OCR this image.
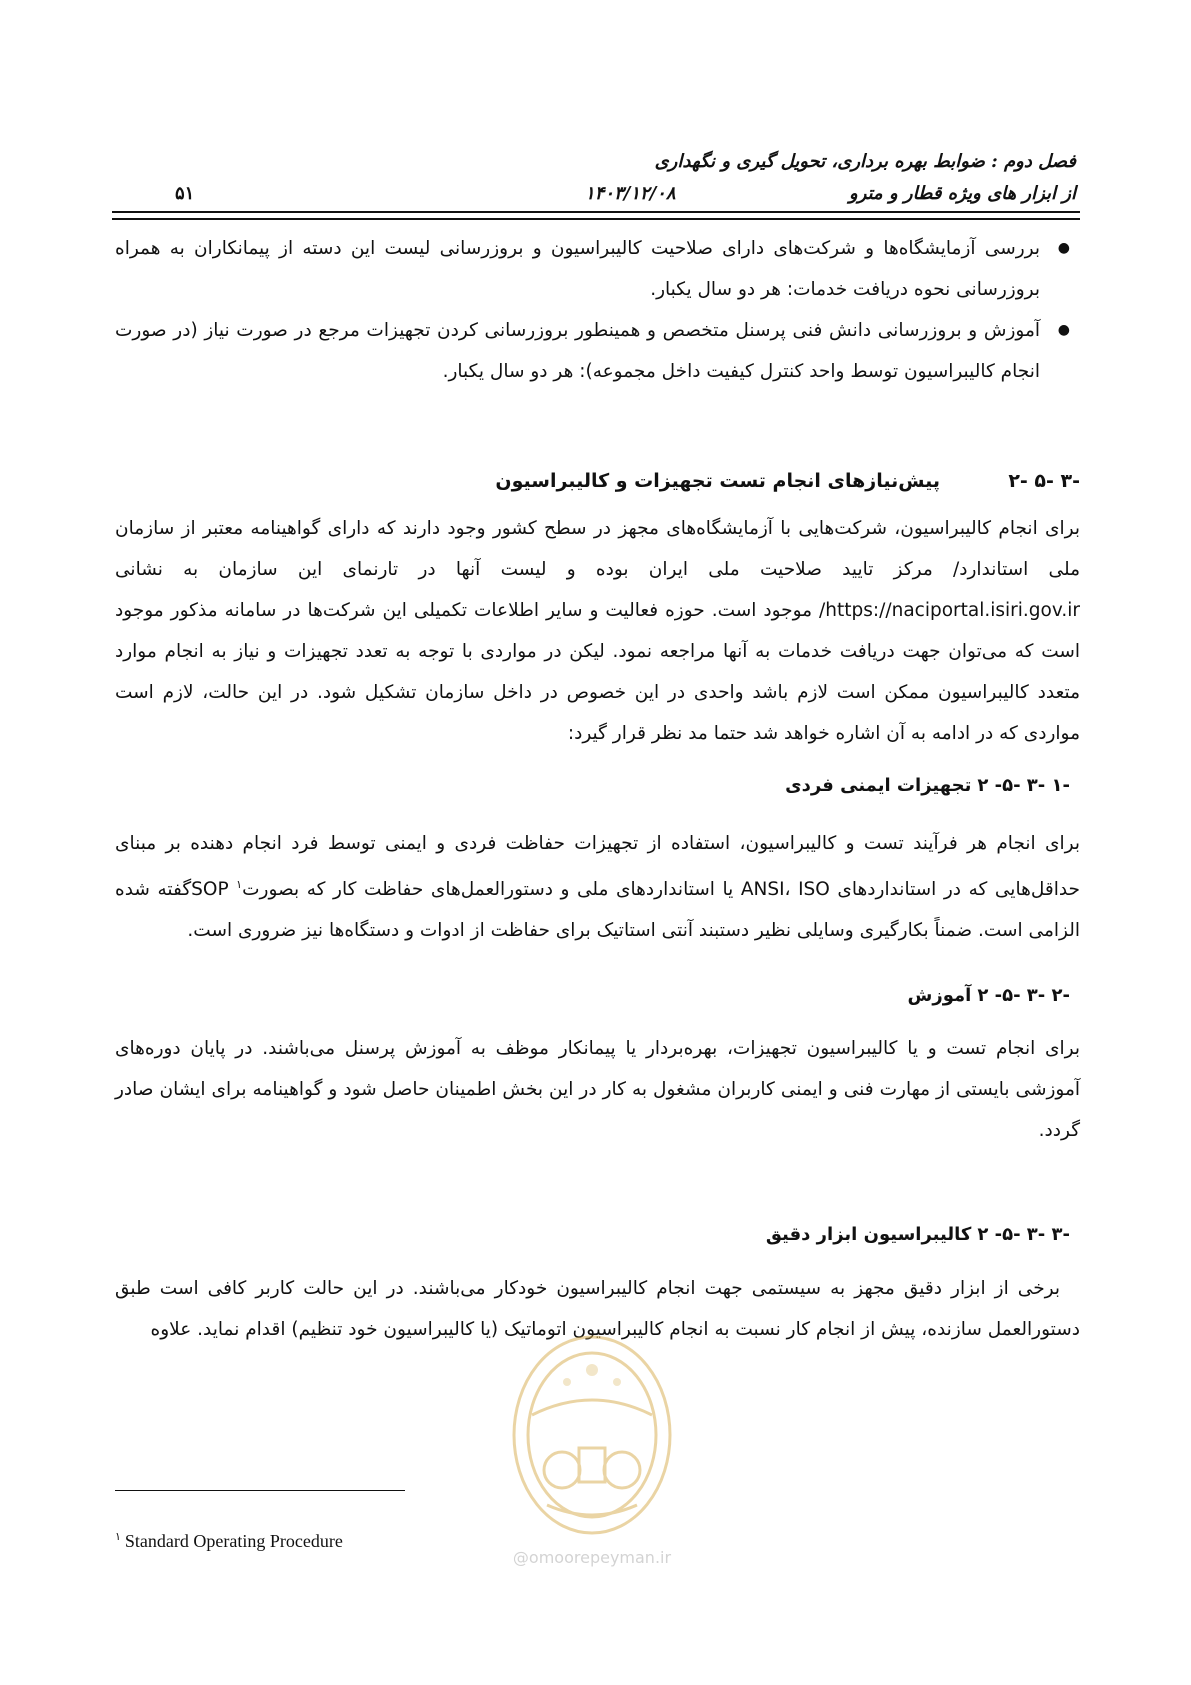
فصل دوم : ضوابط بهره برداری، تحویل گیری و نگهداری
از ابزار های ویژه قطار و مترو
۱۴۰۳/۱۲/۰۸
۵۱
●
بررسی آزمایشگاه‌ها و شرکت‌های دارای صلاحیت کالیبراسیون و بروزرسانی لیست این دسته از پیمانکاران به همراه بروزرسانی نحوه دریافت خدمات: هر دو سال یکبار.
●
آموزش و بروزرسانی دانش فنی پرسنل متخصص و همینطور بروزرسانی کردن تجهیزات مرجع در صورت نیاز (در صورت انجام کالیبراسیون توسط واحد کنترل کیفیت داخل مجموعه): هر دو سال یکبار.
۲- ۵- ۳-
پیش‌نیازهای انجام تست تجهیزات و کالیبراسیون
برای انجام کالیبراسیون، شرکت‌هایی با آزمایشگاه‌های مجهز در سطح کشور وجود دارند که دارای گواهینامه معتبر از سازمان ملی استاندارد/ مرکز تایید صلاحیت ملی ایران بوده و لیست آنها در تارنمای این سازمان به نشانی https://naciportal.isiri.gov.ir/ موجود است. حوزه فعالیت و سایر اطلاعات تکمیلی این شرکت‌ها در سامانه مذکور موجود است که می‌توان جهت دریافت خدمات به آنها مراجعه نمود. لیکن در مواردی با توجه به تعدد تجهیزات و نیاز به انجام موارد متعدد کالیبراسیون ممکن است لازم باشد واحدی در این خصوص در داخل سازمان تشکیل شود. در این حالت، لازم است مواردی که در ادامه به آن اشاره خواهد شد حتما مد نظر قرار گیرد:
۲ -۵- ۳- ۱-تجهیزات ایمنی فردی
برای انجام هر فرآیند تست و کالیبراسیون، استفاده از تجهیزات حفاظت فردی و ایمنی توسط فرد انجام دهنده بر مبنای حداقل‌هایی که در استانداردهای ANSI، ISO یا استانداردهای ملی و دستورالعمل‌های حفاظت کار که بصورت$^۱$ SOPگفته شده الزامی است. ضمناً بکارگیری وسایلی نظیر دستبند آنتی استاتیک برای حفاظت از ادوات و دستگاه‌ها نیز ضروری است.
۲ -۵- ۳- ۲-آموزش
برای انجام تست و یا کالیبراسیون تجهیزات، بهره‌بردار یا پیمانکار موظف به آموزش پرسنل می‌باشند. در پایان دوره‌های آموزشی بایستی از مهارت فنی و ایمنی کاربران مشغول به کار در این بخش اطمینان حاصل شود و گواهینامه برای ایشان صادر گردد.
۲ -۵- ۳- ۳-کالیبراسیون ابزار دقیق
برخی از ابزار دقیق مجهز به سیستمی جهت انجام کالیبراسیون خودکار می‌باشند. در این حالت کاربر کافی است طبق دستورالعمل سازنده، پیش از انجام کار نسبت به انجام کالیبراسیون اتوماتیک (یا کالیبراسیون خود تنظیم) اقدام نماید. علاوه
@omoorepeyman.ir
$^۱$ Standard Operating Procedure
